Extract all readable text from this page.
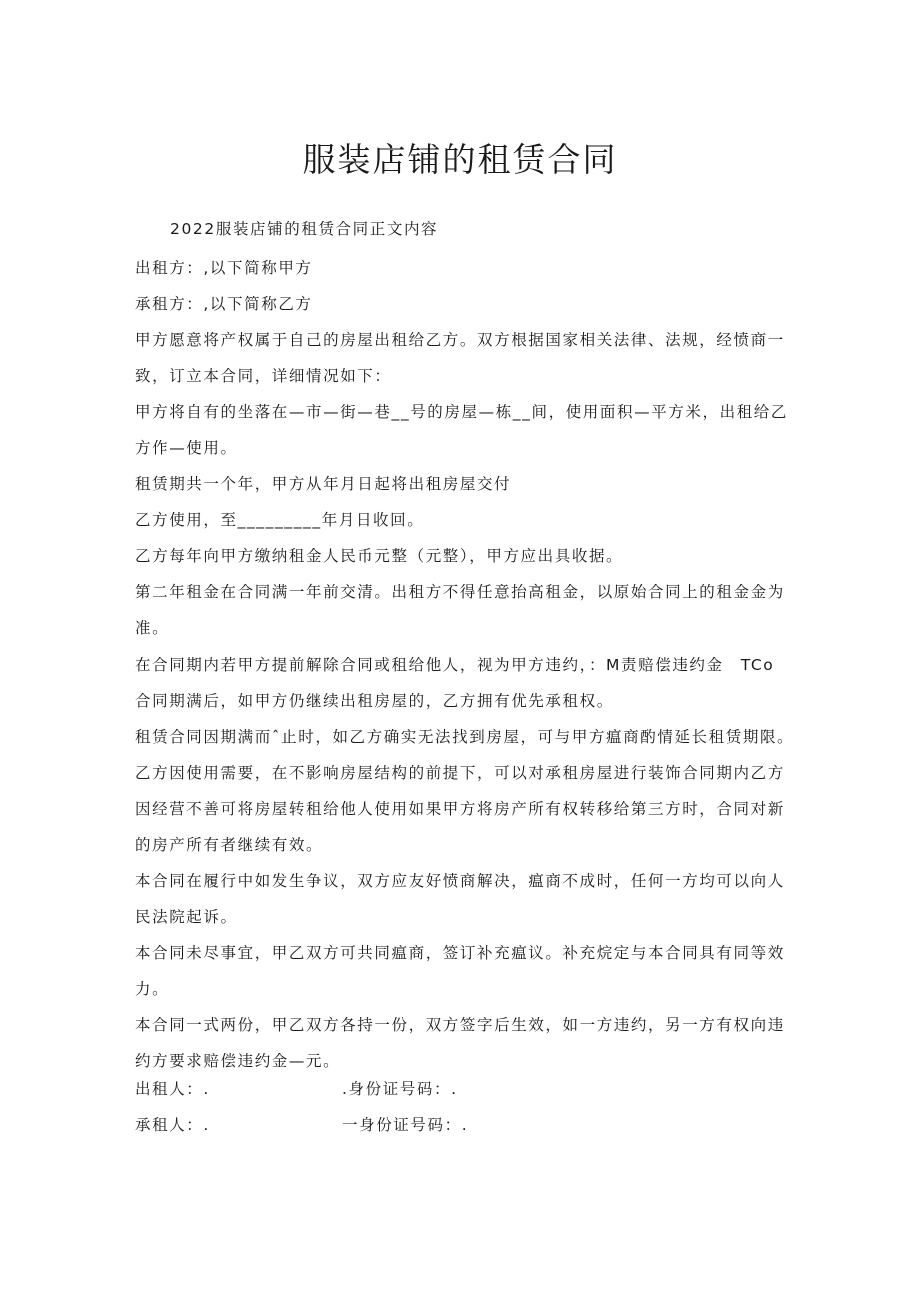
服装店铺的租赁合同
2022服装店铺的租赁合同正文内容
出租方：,以下简称甲方
承租方：,以下简称乙方
甲方愿意将产权属于自己的房屋出租给乙方。双方根据国家相关法律、法规，经愤商一
致，订立本合同，详细情况如下：
甲方将自有的坐落在—市—街—巷__号的房屋—栋__间，使用面积—平方米，出租给乙
方作—使用。
租赁期共一个年，甲方从年月日起将出租房屋交付
乙方使用，至_________年月日收回。
乙方每年向甲方缴纳租金人民币元整（元整），甲方应出具收据。
第二年租金在合同满一年前交清。出租方不得任意抬高租金，以原始合同上的租金金为
准。
在合同期内若甲方提前解除合同或租给他人，视为甲方违约，：M责赔偿违约金　TCo
合同期满后，如甲方仍继续出租房屋的，乙方拥有优先承租权。
租赁合同因期满而ˆ止时，如乙方确实无法找到房屋，可与甲方瘟商酌情延长租赁期限。
乙方因使用需要，在不影响房屋结构的前提下，可以对承租房屋进行装饰合同期内乙方
因经营不善可将房屋转租给他人使用如果甲方将房产所有权转移给第三方时，合同对新
的房产所有者继续有效。
本合同在履行中如发生争议，双方应友好愤商解决，瘟商不成时，任何一方均可以向人
民法院起诉。
本合同未尽事宜，甲乙双方可共同瘟商，签订补充瘟议。补充烷定与本合同具有同等效
力。
本合同一式两份，甲乙双方各持一份，双方签字后生效，如一方违约，另一方有权向违
约方要求赔偿违约金—元。
出租人：.	.身份证号码：.
承租人：.	一身份证号码：.
